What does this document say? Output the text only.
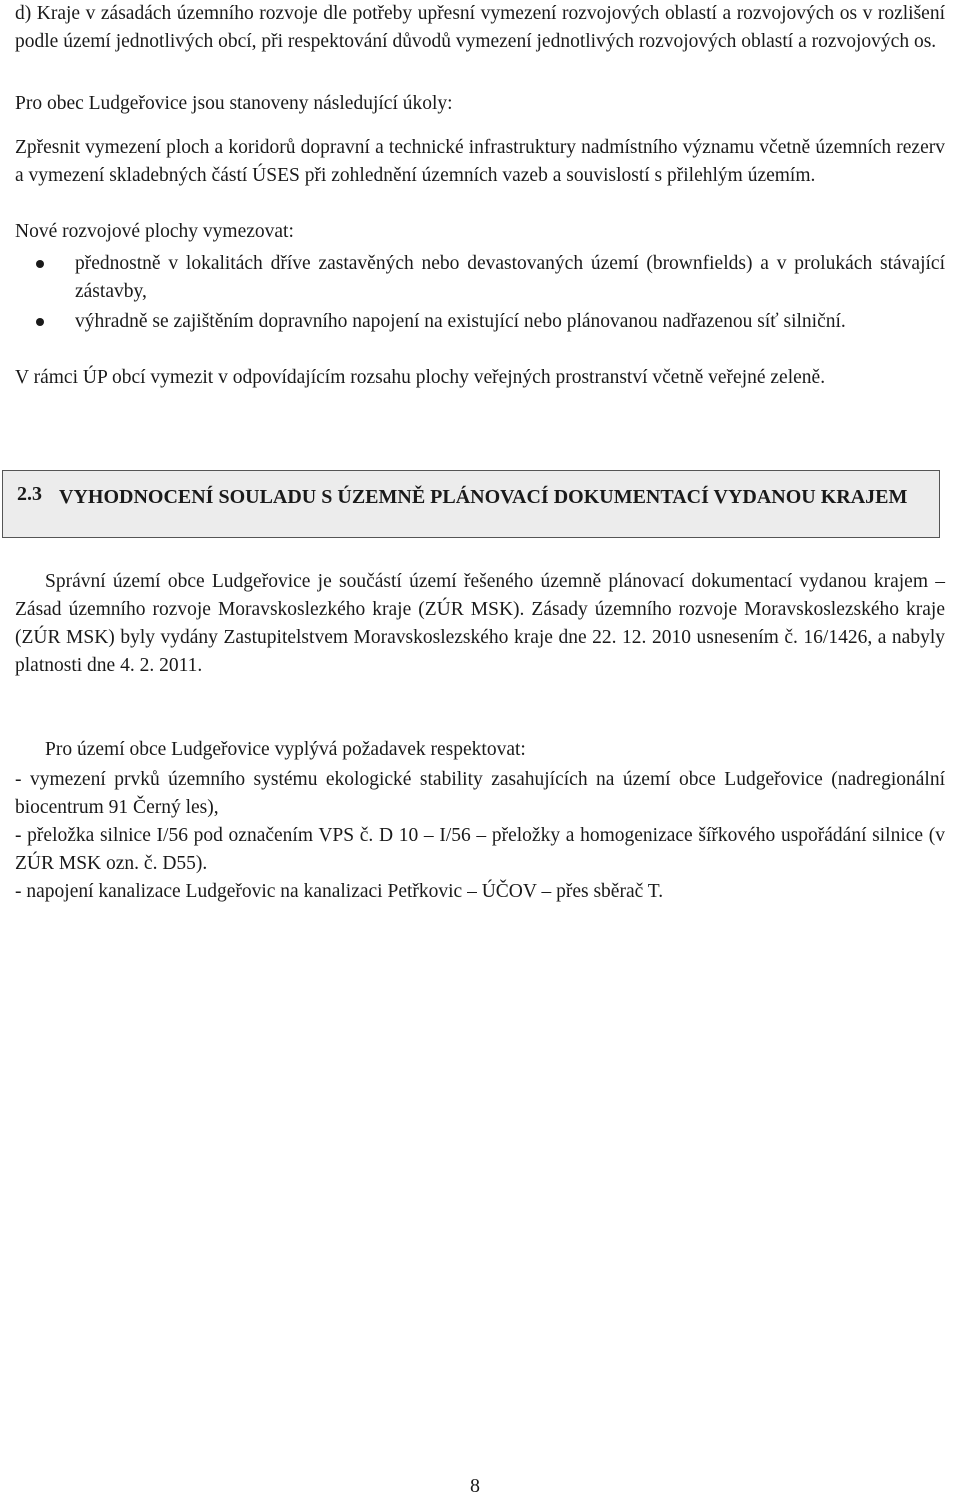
d) Kraje v zásadách územního rozvoje dle potřeby upřesní vymezení rozvojových oblastí a rozvojových os v rozlišení podle území jednotlivých obcí, při respektování důvodů vymezení jednotlivých rozvojových oblastí a rozvojových os.

Pro obec Ludgeřovice jsou stanoveny následující úkoly:

Zpřesnit vymezení ploch a koridorů dopravní a technické infrastruktury nadmístního významu včetně územních rezerv a vymezení skladebných částí ÚSES při zohlednění územních vazeb a souvislostí s přilehlým územím.

Nové rozvojové plochy vymezovat:

přednostně v lokalitách dříve zastavěných nebo devastovaných území (brownfields) a v prolukách stávající zástavby,
výhradně se zajištěním dopravního napojení na existující nebo plánovanou nadřazenou síť silniční.

V rámci ÚP obcí vymezit v odpovídajícím rozsahu plochy veřejných prostranství včetně veřejné zeleně.

2.3 VYHODNOCENÍ SOULADU S ÚZEMNĚ PLÁNOVACÍ DOKUMENTACÍ VYDANOU KRAJEM

Správní území obce Ludgeřovice je součástí území řešeného územně plánovací dokumentací vydanou krajem – Zásad územního rozvoje Moravskoslezkého kraje (ZÚR MSK). Zásady územního rozvoje Moravskoslezského kraje (ZÚR MSK) byly vydány Zastupitelstvem Moravskoslezského kraje dne 22. 12. 2010 usnesením č. 16/1426, a nabyly platnosti dne 4. 2. 2011.

Pro území obce Ludgeřovice vyplývá požadavek respektovat:

- vymezení prvků územního systému ekologické stability zasahujících na území obce Ludgeřovice (nadregionální biocentrum 91 Černý les),
- přeložka silnice I/56 pod označením VPS č. D 10 – I/56 – přeložky a homogenizace šířkového uspořádání silnice (v ZÚR MSK ozn. č. D55).
- napojení kanalizace Ludgeřovic na kanalizaci Petřkovic – ÚČOV – přes sběrač T.
8
